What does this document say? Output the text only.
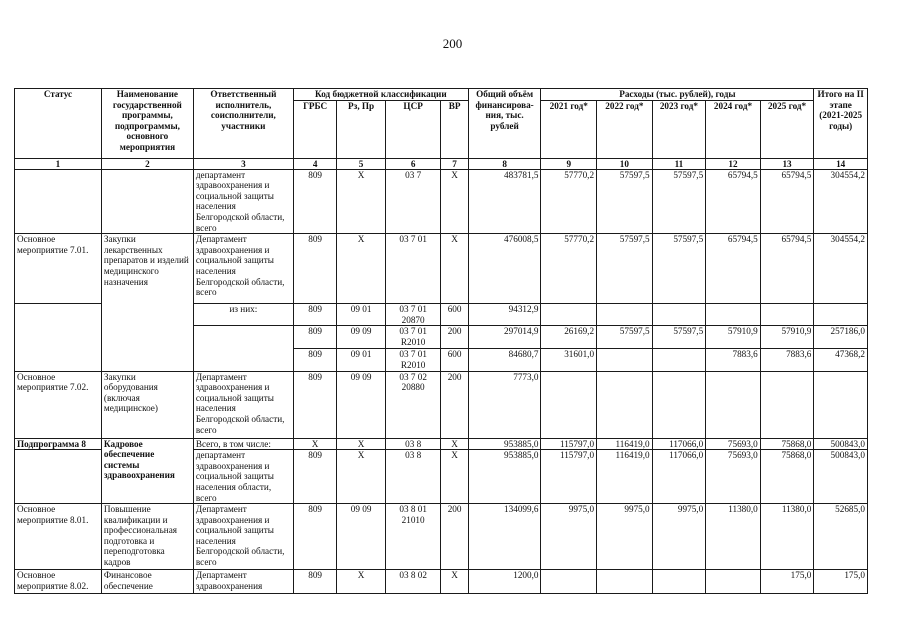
200
Статус	Наименование государственной программы, подпрограммы, основного мероприятия	Ответственный исполнитель, соисполнители, участники	Код бюджетной классификации				Общий объём финансирова-ния, тыс. рублей	Расходы (тыс. рублей), годы					Итого на II этапе (2021-2025 годы)
			ГРБС	Рз, Пр	ЦСР	ВР		2021 год*	2022 год*	2023 год*	2024 год*	2025 год*	
1	2	3	4	5	6	7	8	9	10	11	12	13	14
		департамент здравоохранения и социальной защиты населения Белгородской области, всего	809	Х	03 7	Х	483781,5	57770,2	57597,5	57597,5	65794,5	65794,5	304554,2
Основное мероприятие 7.01.	Закупки лекарственных препаратов и изделий медицинского назначения	Департамент здравоохранения и социальной защиты населения Белгородской области, всего	809	Х	03 7 01	Х	476008,5	57770,2	57597,5	57597,5	65794,5	65794,5	304554,2
		из них:	809	09 01	03 7 01 20870	600	94312,9						
			809	09 09	03 7 01 R2010	200	297014,9	26169,2	57597,5	57597,5	57910,9	57910,9	257186,0
			809	09 01	03 7 01 R2010	600	84680,7	31601,0			7883,6	7883,6	47368,2
Основное мероприятие 7.02.	Закупки оборудования (включая медицинское)	Департамент здравоохранения и социальной защиты населения Белгородской области, всего	809	09 09	03 7 02 20880	200	7773,0						
Подпрограмма 8	Кадровое обеспечение системы здравоохранения	Всего, в том числе:	Х	Х	03 8	Х	953885,0	115797,0	116419,0	117066,0	75693,0	75868,0	500843,0
		департамент здравоохранения и социальной защиты населения области, всего	809	Х	03 8	Х	953885,0	115797,0	116419,0	117066,0	75693,0	75868,0	500843,0
Основное мероприятие 8.01.	Повышение квалификации и профессиональная подготовка и переподготовка кадров	Департамент здравоохранения и социальной защиты населения Белгородской области, всего	809	09 09	03 8 01 21010	200	134099,6	9975,0	9975,0	9975,0	11380,0	11380,0	52685,0
Основное мероприятие 8.02.	Финансовое обеспечение	Департамент здравоохранения	809	Х	03 8 02	Х	1200,0					175,0	175,0
